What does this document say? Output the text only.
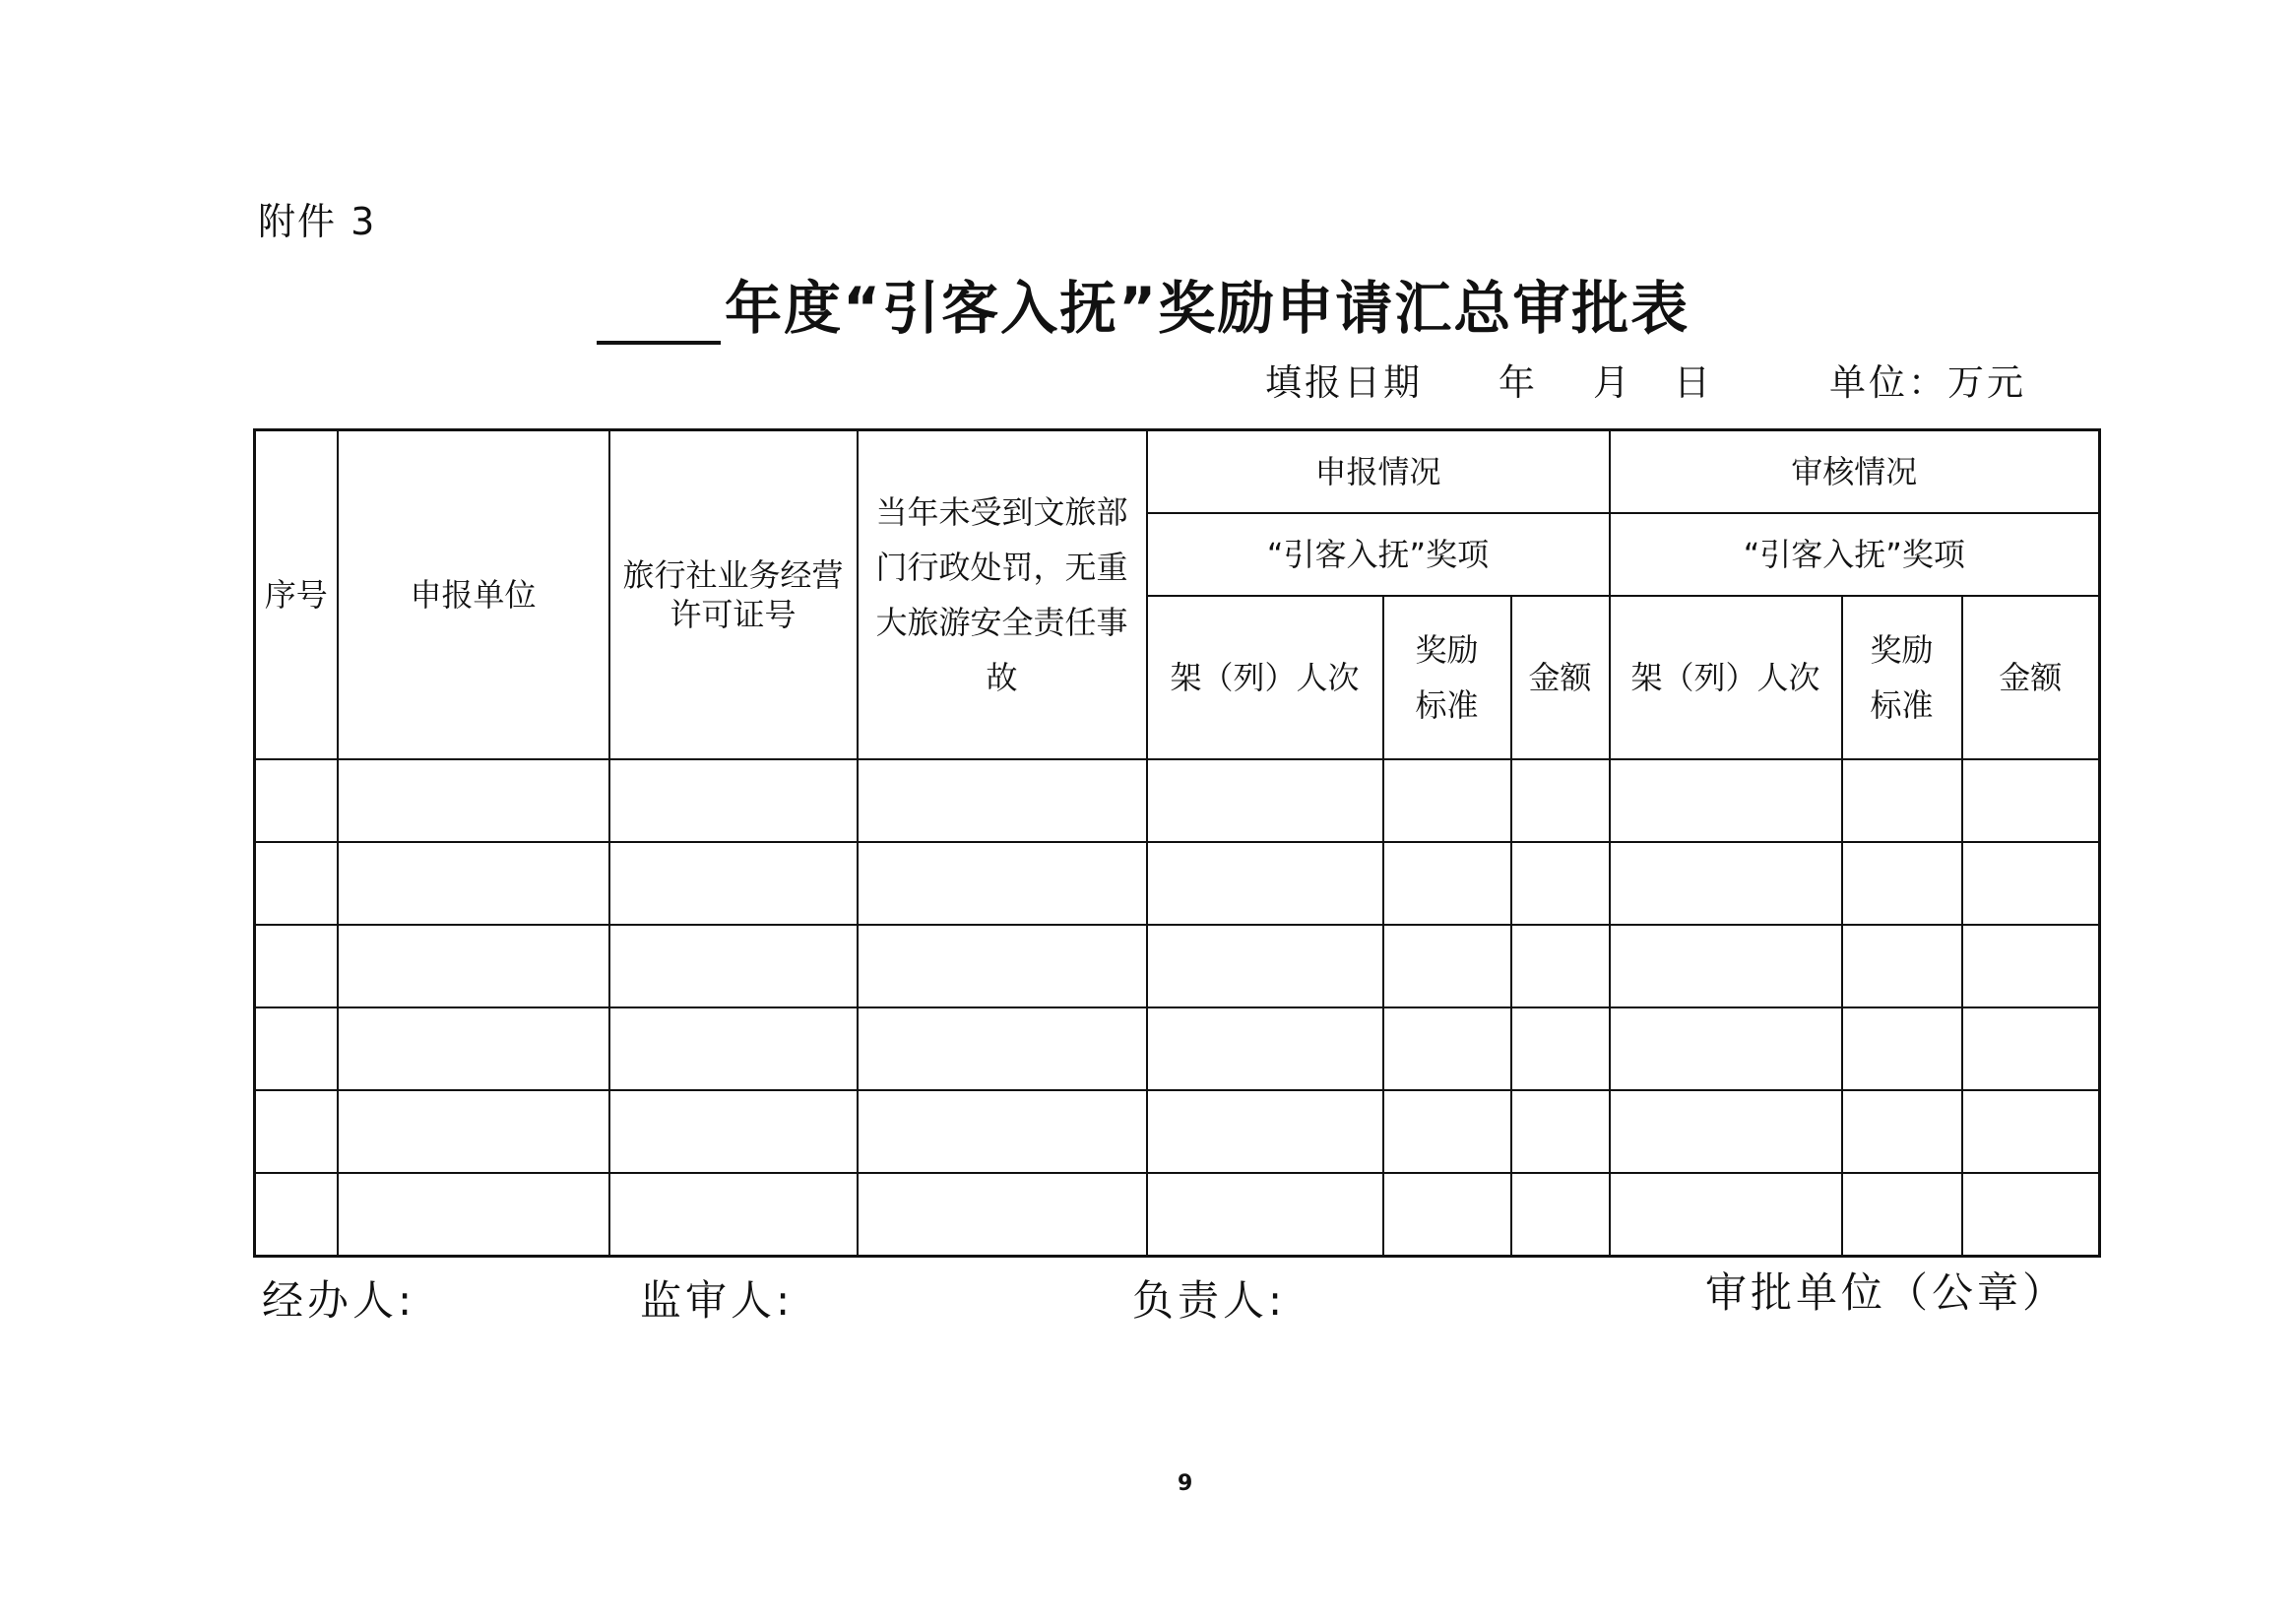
附件 3
年度“引客入抚”奖励申请汇总审批表
填报日期 年 月 日	单位：万元
序号	申报单位	旅行社业务经营许可证号	当年未受到文旅部门行政处罚，无重大旅游安全责任事故	申报情况			审核情况		
				“引客入抚”奖项			“引客入抚”奖项		
				架（列）人次	奖励标准	金额	架（列）人次	奖励标准	金额

经办人:	监审人:	负责人:	审批单位（公章）
9
